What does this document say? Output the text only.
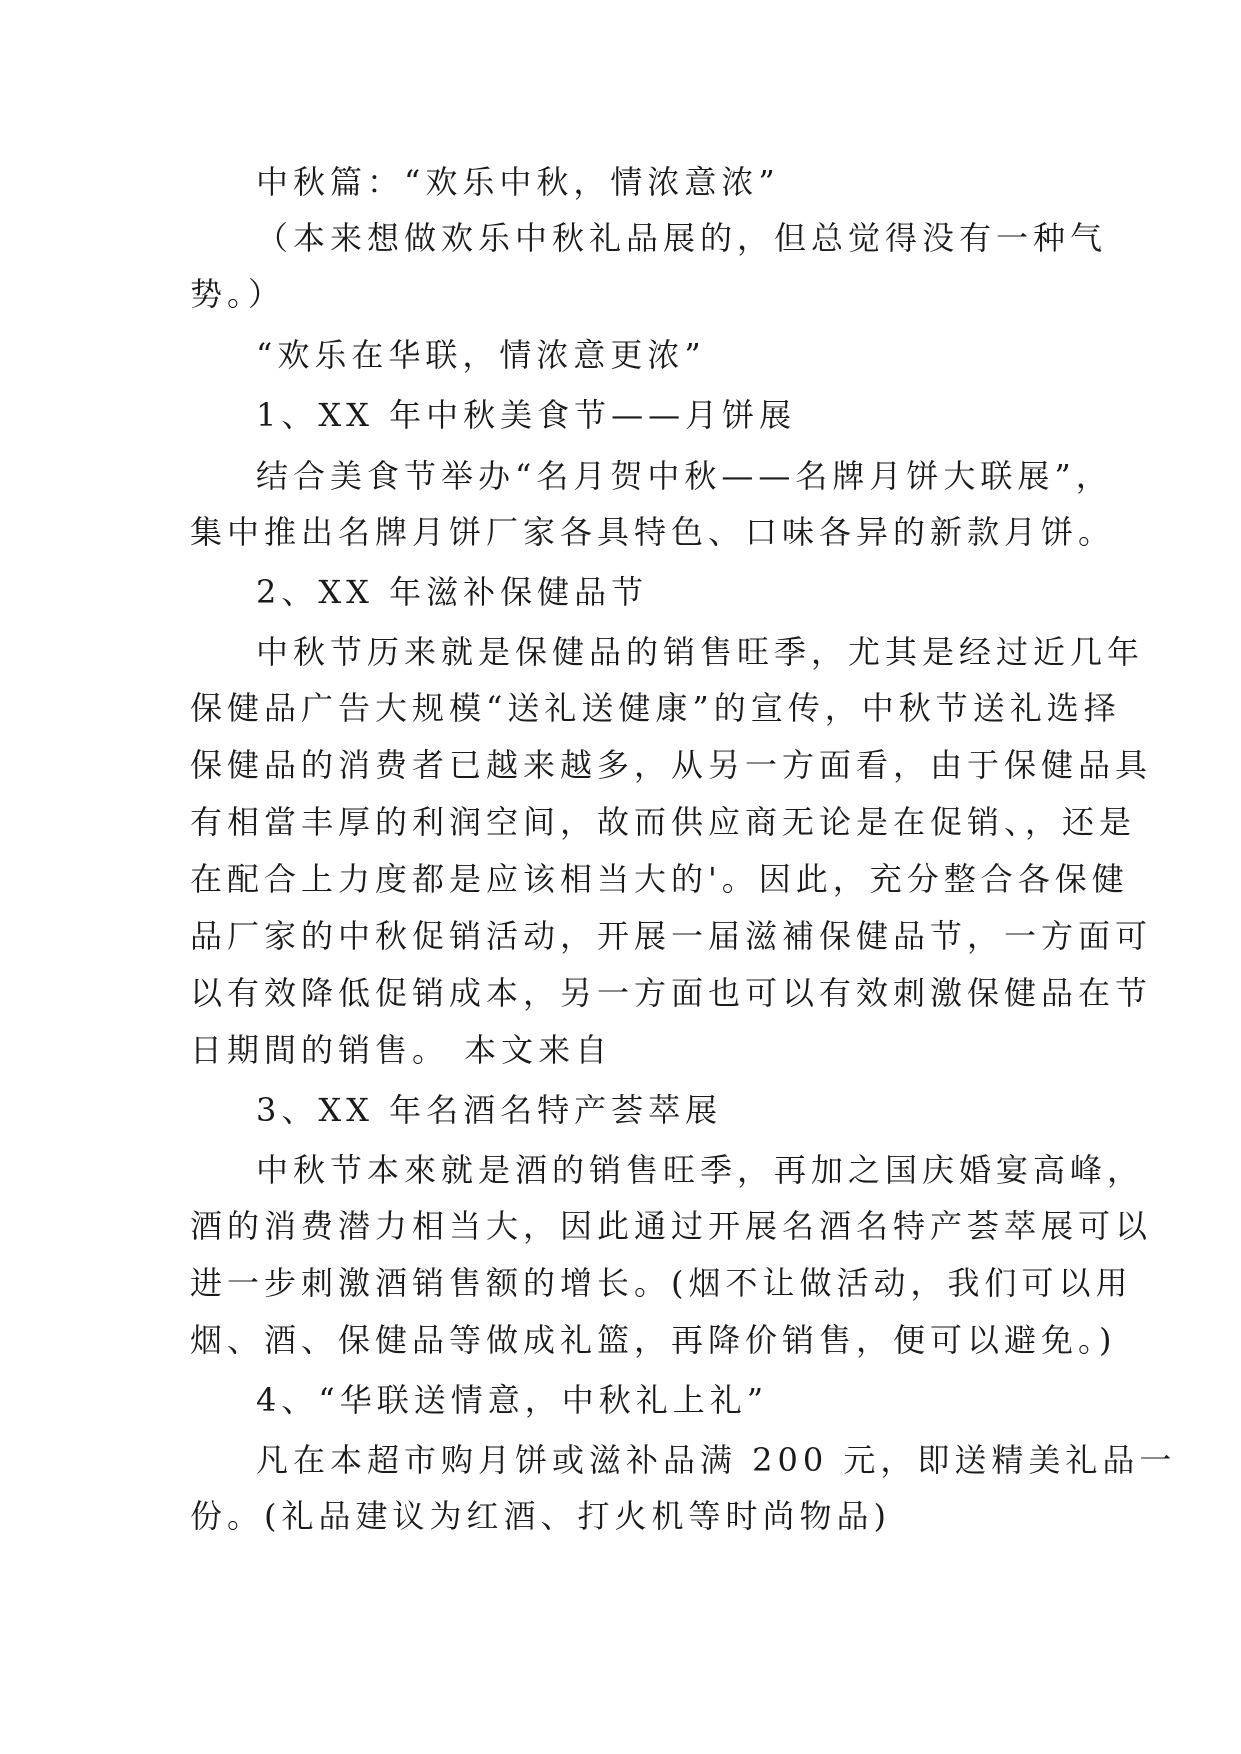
中秋篇：“欢乐中秋，情浓意浓”
（本来想做欢乐中秋礼品展的，但总觉得没有一种气
势。）
“欢乐在华联，情浓意更浓”
1、XX 年中秋美食节——月饼展
结合美食节举办“名月贺中秋——名牌月饼大联展”，
集中推出名牌月饼厂家各具特色、口味各异的新款月饼。
2、XX 年滋补保健品节
中秋节历来就是保健品的销售旺季，尤其是经过近几年
保健品广告大规模“送礼送健康”的宣传，中秋节送礼选择
保健品的消费者已越来越多，从另一方面看，由于保健品具
有相當丰厚的利润空间，故而供应商无论是在促销、，还是
在配合上力度都是应该相当大的'。因此，充分整合各保健
品厂家的中秋促销活动，开展一届滋補保健品节，一方面可
以有效降低促销成本，另一方面也可以有效刺激保健品在节
日期間的销售。 本文来自
3、XX 年名酒名特产荟萃展
中秋节本來就是酒的销售旺季，再加之国庆婚宴高峰，
酒的消费潜力相当大，因此通过开展名酒名特产荟萃展可以
进一步刺激酒销售额的增长。(烟不让做活动，我们可以用
烟、酒、保健品等做成礼篮，再降价销售，便可以避免。)
4、“华联送情意，中秋礼上礼”
凡在本超市购月饼或滋补品满 200 元，即送精美礼品一
份。(礼品建议为红酒、打火机等时尚物品)
